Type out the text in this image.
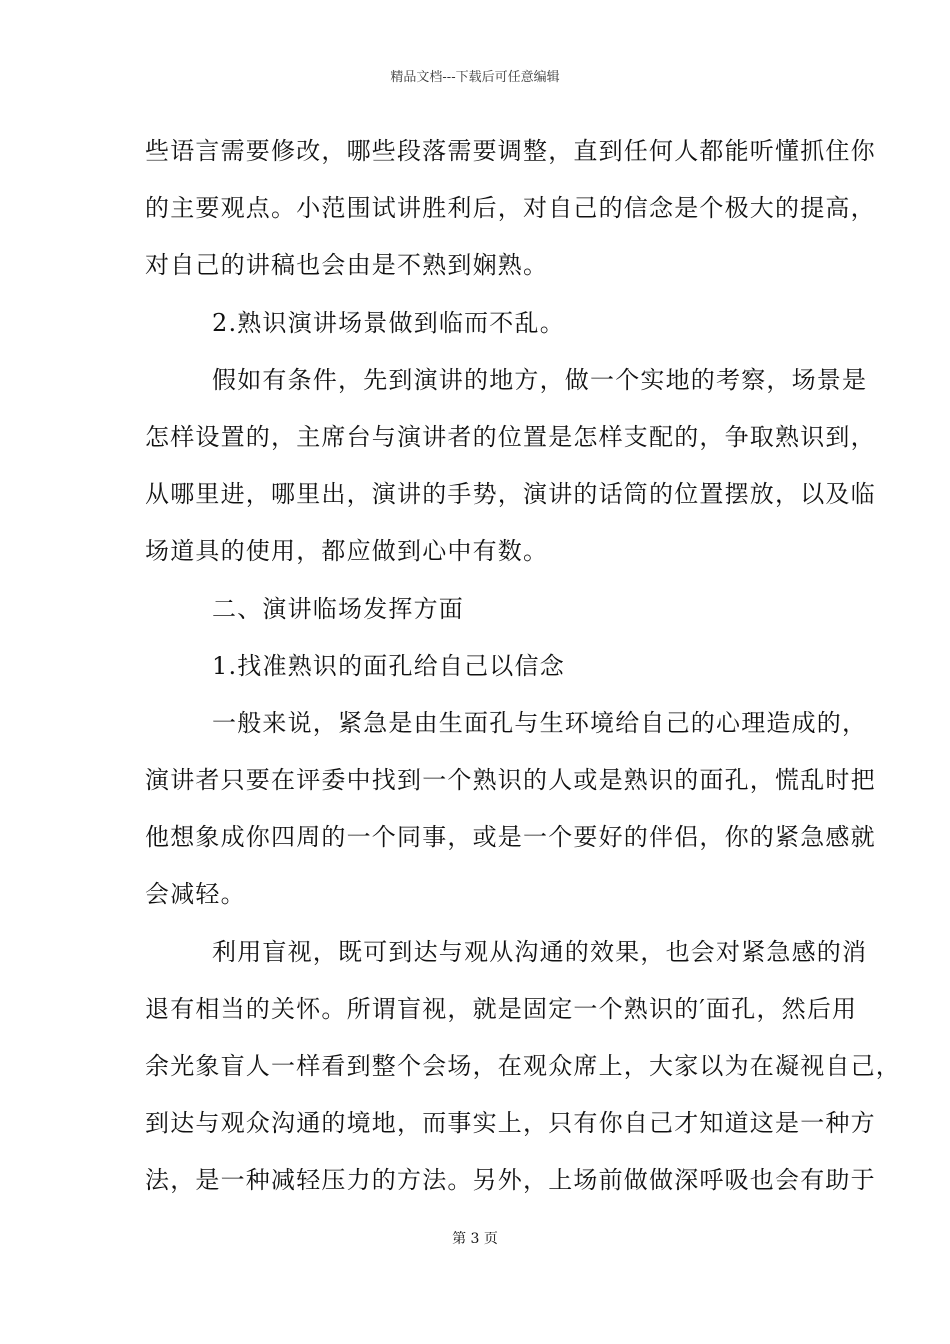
精品文档---下载后可任意编辑
些语言需要修改，哪些段落需要调整，直到任何人都能听懂抓住你
的主要观点。小范围试讲胜利后，对自己的信念是个极大的提高，
对自己的讲稿也会由是不熟到娴熟。
2.熟识演讲场景做到临而不乱。
假如有条件，先到演讲的地方，做一个实地的考察，场景是
怎样设置的，主席台与演讲者的位置是怎样支配的，争取熟识到，
从哪里进，哪里出，演讲的手势，演讲的话筒的位置摆放，以及临
场道具的使用，都应做到心中有数。
二、演讲临场发挥方面
1.找准熟识的面孔给自己以信念
一般来说，紧急是由生面孔与生环境给自己的心理造成的，
演讲者只要在评委中找到一个熟识的人或是熟识的面孔，慌乱时把
他想象成你四周的一个同事，或是一个要好的伴侣，你的紧急感就
会减轻。
利用盲视，既可到达与观从沟通的效果，也会对紧急感的消
退有相当的关怀。所谓盲视，就是固定一个熟识的′面孔，然后用
余光象盲人一样看到整个会场，在观众席上，大家以为在凝视自己，
到达与观众沟通的境地，而事实上，只有你自己才知道这是一种方
法，是一种减轻压力的方法。另外，上场前做做深呼吸也会有助于
第 3 页
